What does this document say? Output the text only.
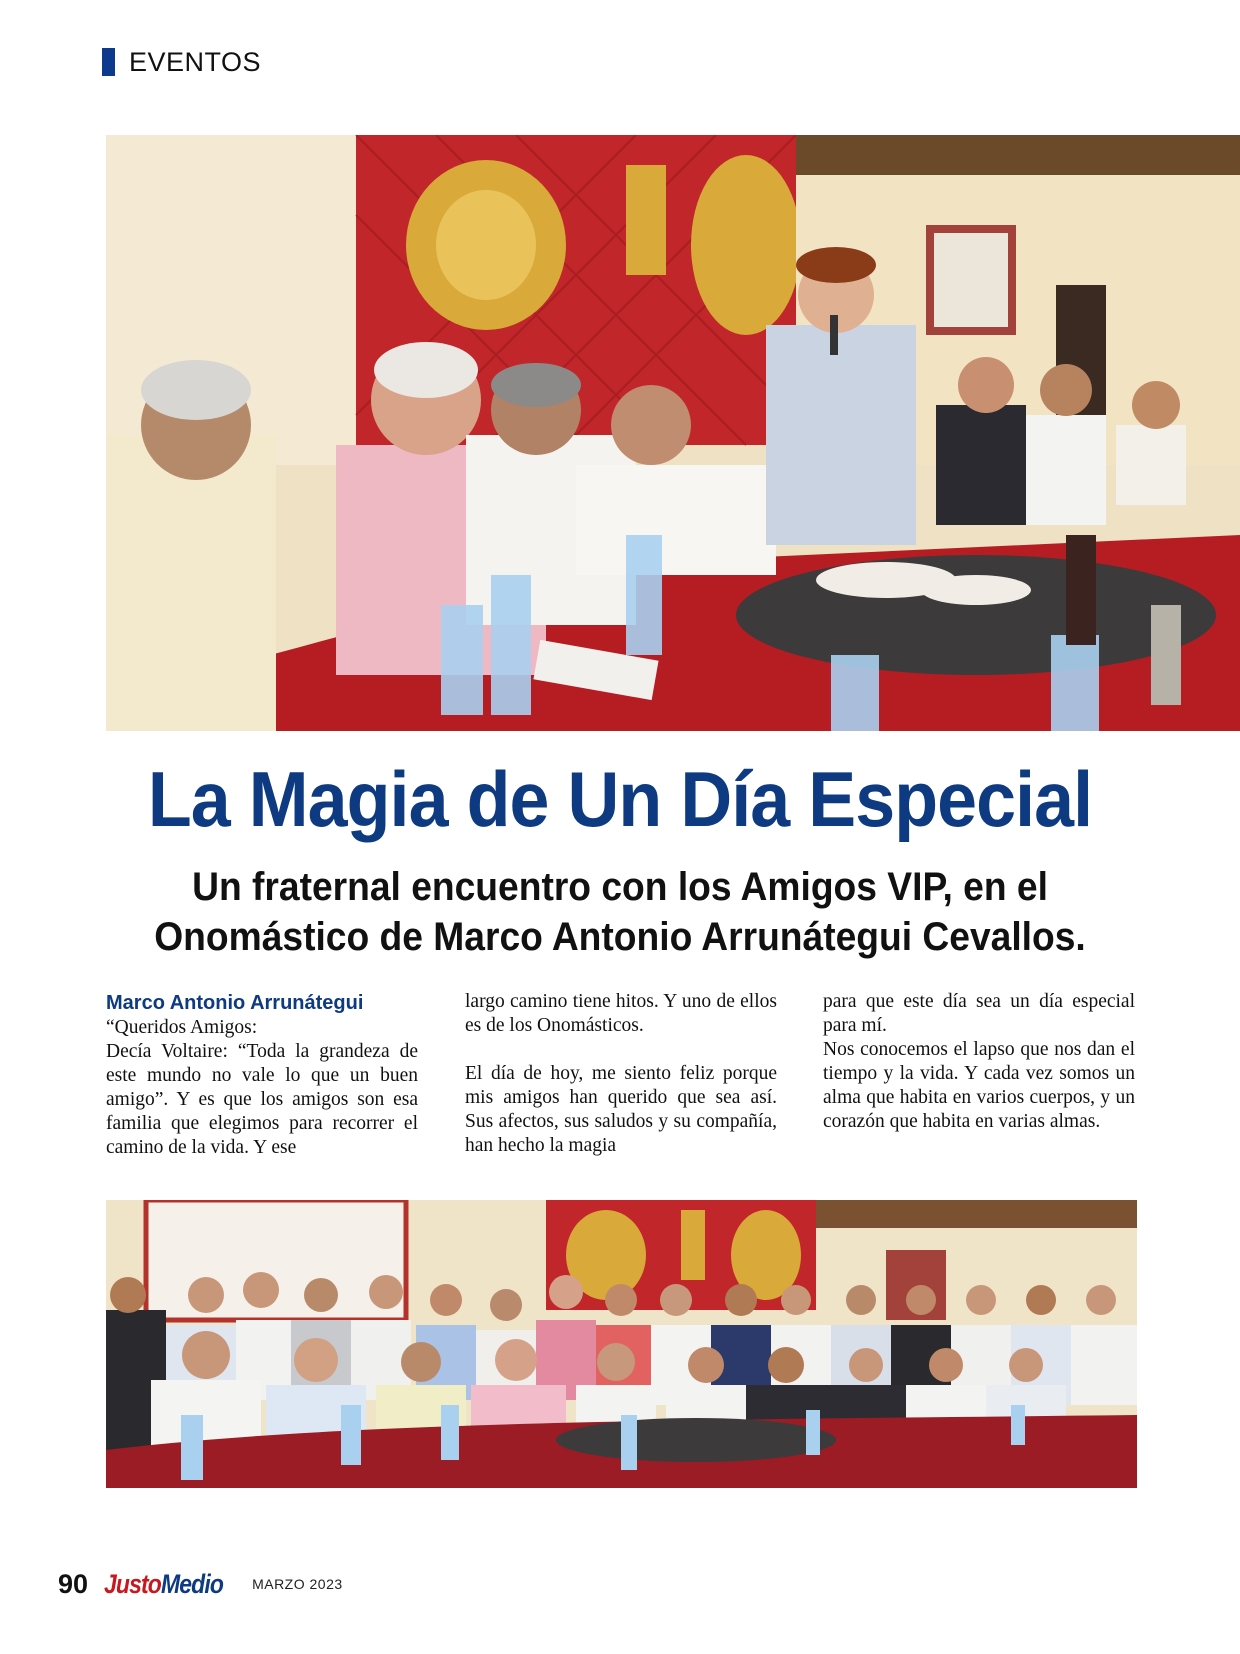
EVENTOS
La Magia de Un Día Especial
Un fraternal encuentro con los Amigos VIP, en el
Onomástico de Marco Antonio Arrunátegui Cevallos.
Marco Antonio Arrunátegui

“Queridos Amigos:

Decía Voltaire: “Toda la grandeza de este mundo no vale lo que un buen amigo”. Y es que los amigos son esa familia que elegimos para recorrer el camino de la vida. Y ese

largo camino tiene hitos. Y uno de ellos es de los Onomásticos.

El día de hoy, me siento feliz porque mis amigos han querido que sea así. Sus afectos, sus saludos y su compañía, han hecho la magia

para que este día sea un día especial para mí.

Nos conocemos el lapso que nos dan el tiempo y la vida. Y cada vez somos un alma que habita en varios cuerpos, y un corazón que habita en varias almas.

90 JustoMedio MARZO 2023
